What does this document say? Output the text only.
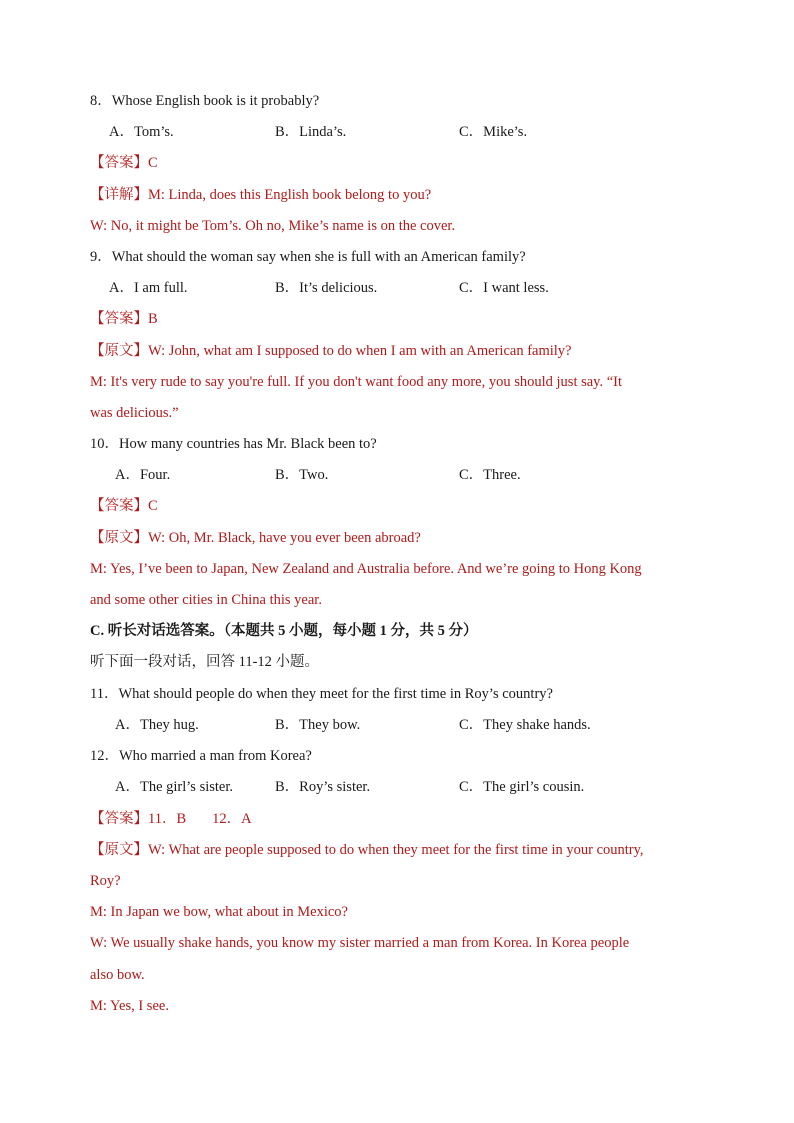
8．Whose English book is it probably?
A．Tom’s.	B．Linda’s.	C．Mike’s.
【答案】C
【详解】M: Linda, does this English book belong to you?
W: No, it might be Tom’s. Oh no, Mike’s name is on the cover.
9．What should the woman say when she is full with an American family?
A．I am full.	B．It’s delicious.	C．I want less.
【答案】B
【原文】W: John, what am I supposed to do when I am with an American family?
M: It's very rude to say you're full. If you don't want food any more, you should just say. “It
was delicious.”
10．How many countries has Mr. Black been to?
A．Four.	B．Two.	C．Three.
【答案】C
【原文】W: Oh, Mr. Black, have you ever been abroad?
M: Yes, I’ve been to Japan, New Zealand and Australia before. And we’re going to Hong Kong
and some other cities in China this year.
C. 听长对话选答案。（本题共 5 小题，每小题 1 分，共 5 分）
听下面一段对话，回答 11-12 小题。
11．What should people do when they meet for the first time in Roy’s country?
A．They hug.	B．They bow.	C．They shake hands.
12．Who married a man from Korea?
A．The girl’s sister.	B．Roy’s sister.	C．The girl’s cousin.
【答案】11．B 12．A
【原文】W: What are people supposed to do when they meet for the first time in your country,
Roy?
M: In Japan we bow, what about in Mexico?
W: We usually shake hands, you know my sister married a man from Korea. In Korea people
also bow.
M: Yes, I see.
